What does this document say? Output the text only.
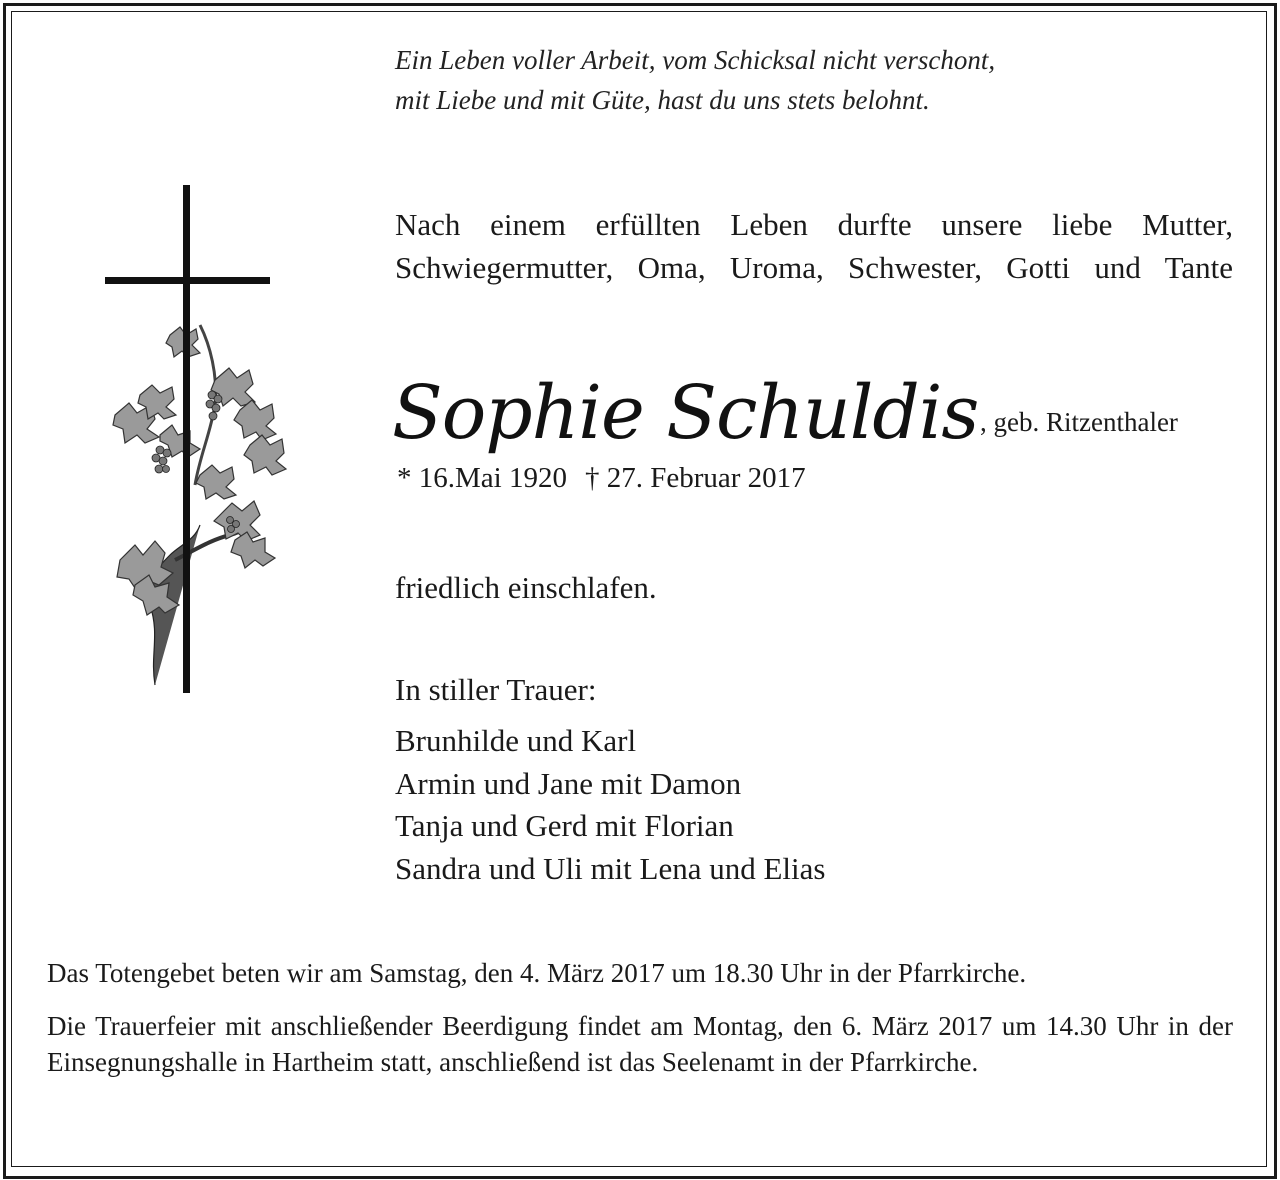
Ein Leben voller Arbeit, vom Schicksal nicht verschont,
mit Liebe und mit Güte, hast du uns stets belohnt.
Nach einem erfüllten Leben durfte unsere liebe Mutter,
Schwiegermutter, Oma, Uroma, Schwester, Gotti und Tante
Sophie Schuldis , geb. Ritzenthaler
* 16.Mai 1920 † 27. Februar 2017
friedlich einschlafen.
In stiller Trauer:
Brunhilde und Karl
Armin und Jane mit Damon
Tanja und Gerd mit Florian
Sandra und Uli mit Lena und Elias
Das Totengebet beten wir am Samstag, den 4. März 2017 um 18.30 Uhr in der Pfarrkirche.
Die Trauerfeier mit anschließender Beerdigung findet am Montag, den 6. März 2017 um 14.30 Uhr in der Einsegnungshalle in Hartheim statt, anschließend ist das Seelenamt in der Pfarrkirche.
